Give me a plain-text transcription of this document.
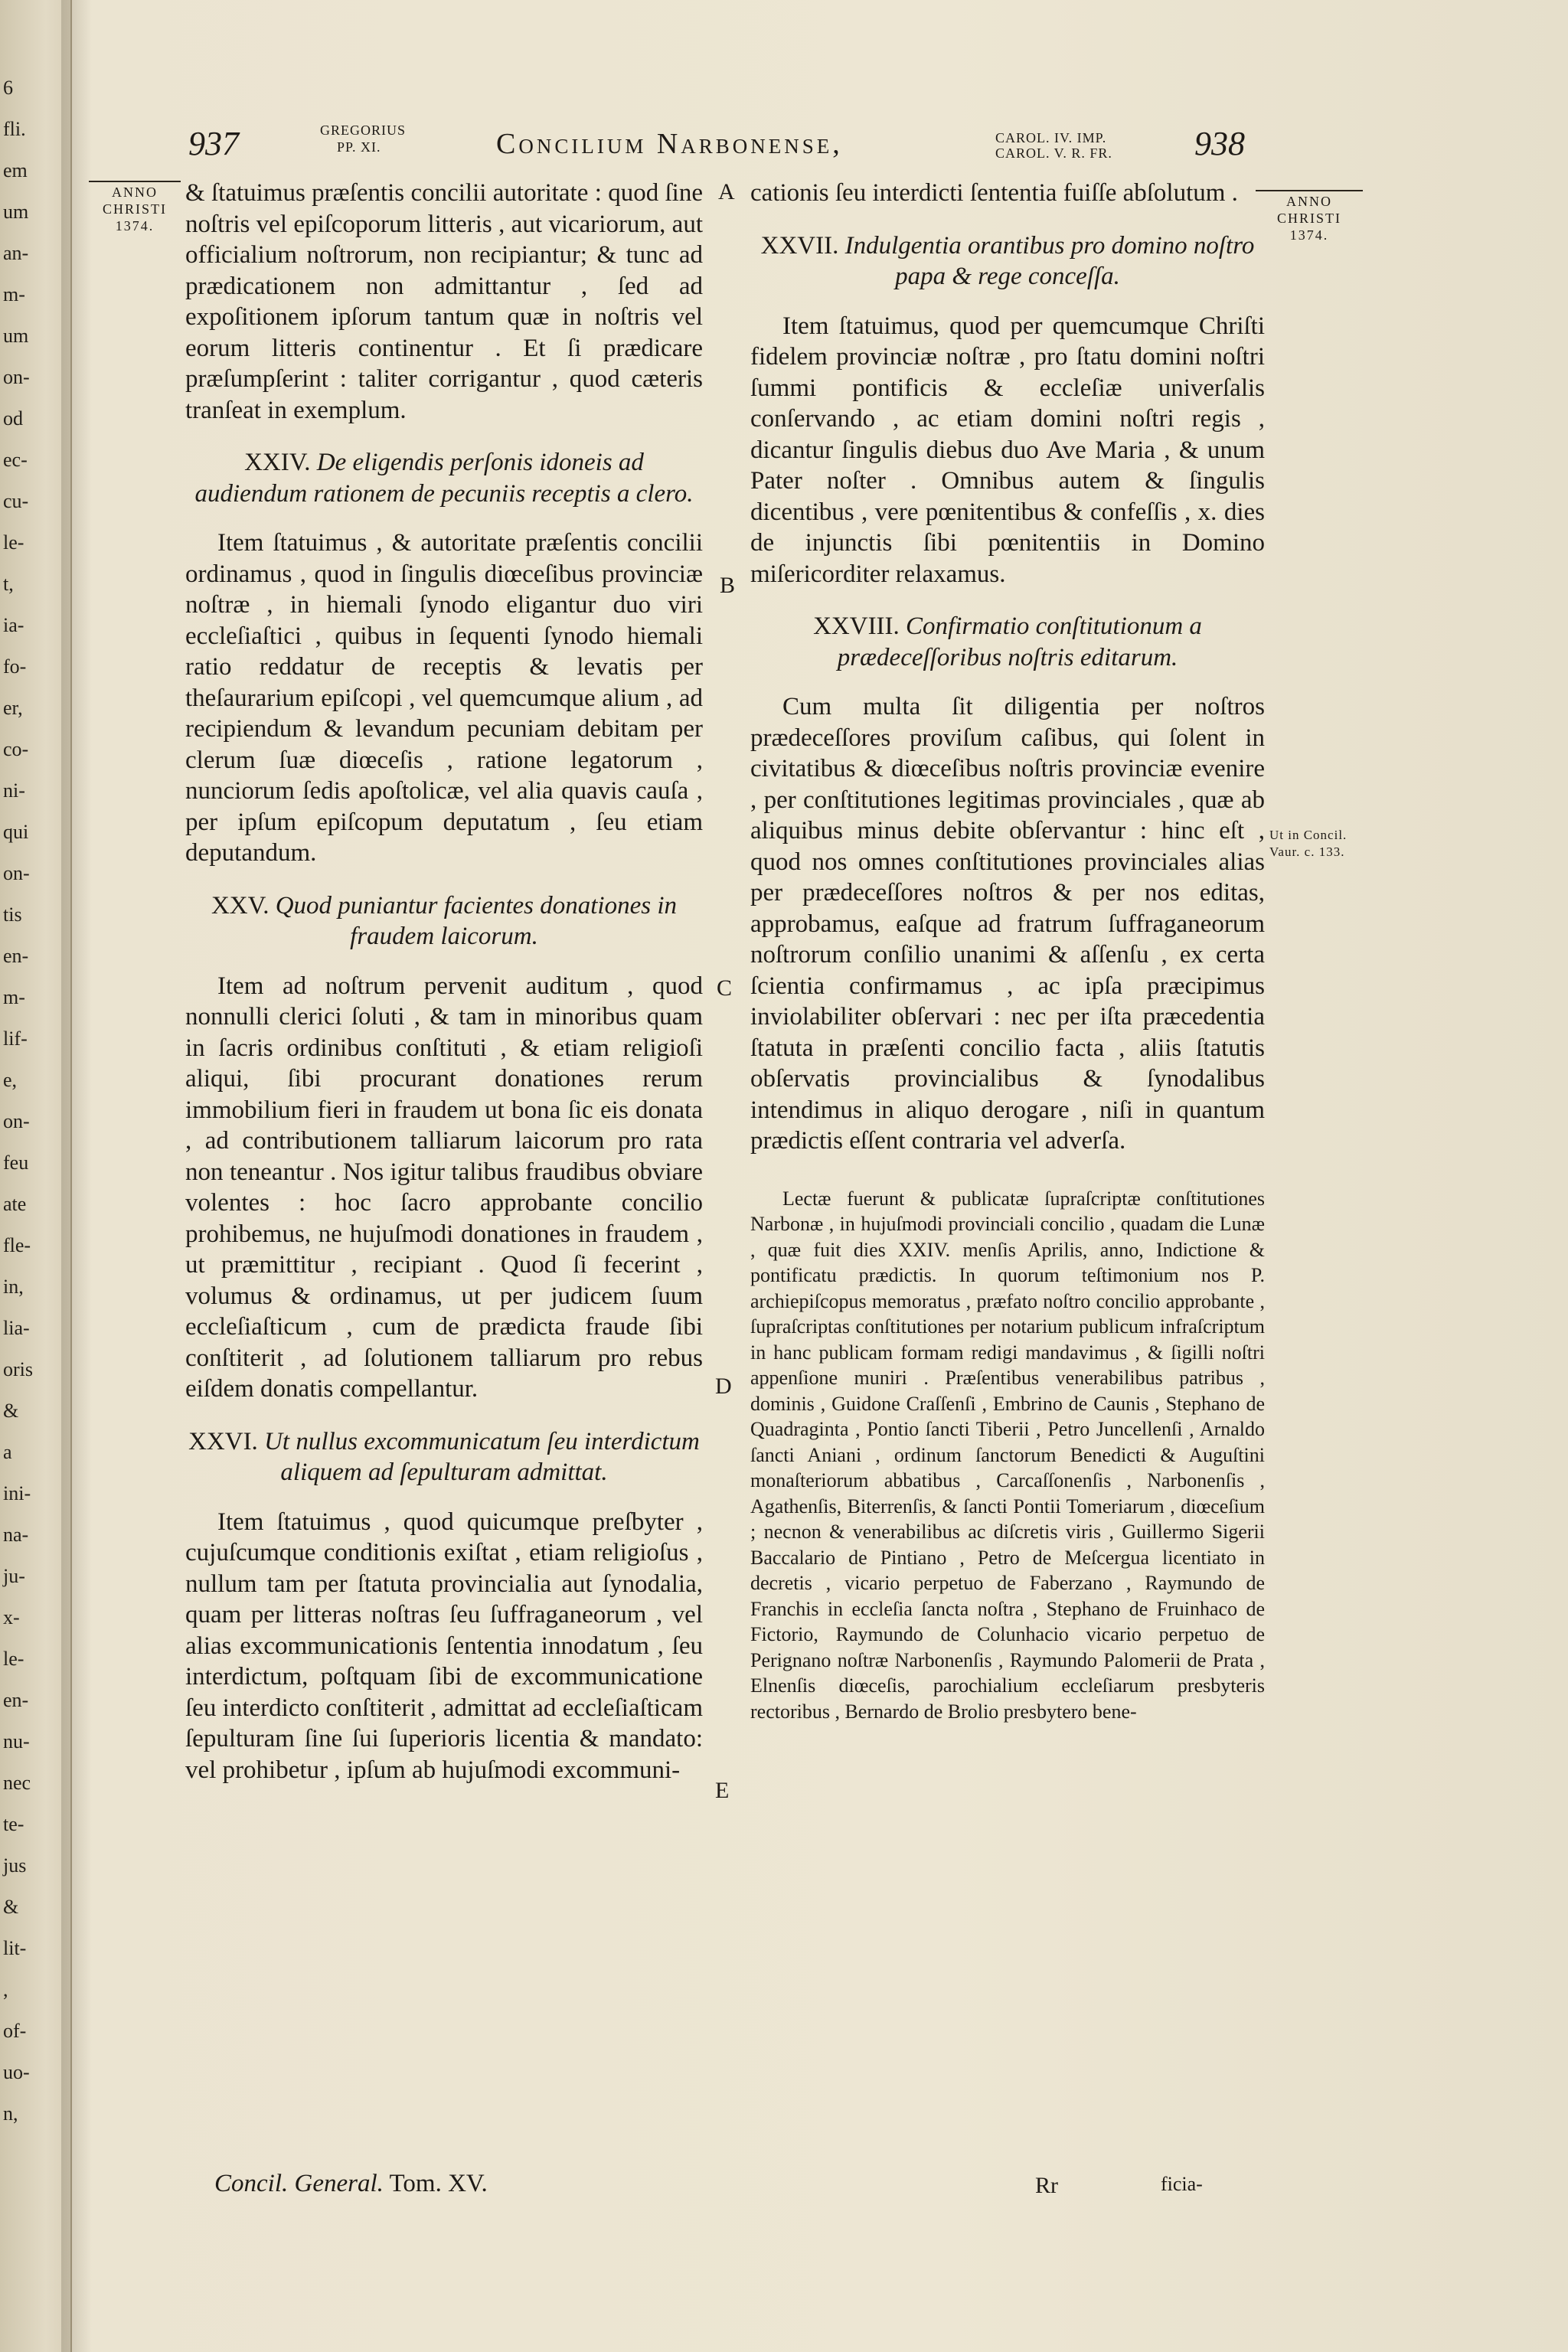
6
fli.
em
um
an-
m-
um
on-
od
ec-
cu-
le-
t,
ia-
fo-
er,
co-
ni-
qui
on-
tis
en-
m-
lif-
e,
on-
feu
ate
fle-
in,
lia-
oris
&
a
ini-
na-
ju-
x-
le-
en-
nu-
nec
te-
jus
&
lit-
,
of-
uo-
n,
937	GREGORIUS
PP. XI.	Concilium Narbonense,	CAROL. IV. IMP.
CAROL. V. R. FR. 938
ANNO
CHRISTI
1374.
ANNO
CHRISTI
1374.
Ut in Concil.
Vaur. c. 133.
A
B
C
D
E

& ſtatuimus præſentis concilii autoritate : quod ſine noſtris vel epiſcoporum litteris , aut vicariorum, aut officialium noſtrorum, non recipiantur; & tunc ad prædicationem non admittantur , ſed ad expoſitionem ipſorum tantum quæ in noſtris vel eorum litteris continentur . Et ſi prædicare præſumpſerint : taliter corrigantur , quod cæteris tranſeat in exemplum.

XXIV. De eligendis perſonis idoneis ad audiendum rationem de pecuniis receptis a clero.

Item ſtatuimus , & autoritate præſentis concilii ordinamus , quod in ſingulis diœceſibus provinciæ noſtræ , in hiemali ſynodo eligantur duo viri eccleſiaſtici , quibus in ſequenti ſynodo hiemali ratio reddatur de receptis & levatis per theſaurarium epiſcopi , vel quemcumque alium , ad recipiendum & levandum pecuniam debitam per clerum ſuæ diœceſis , ratione legatorum , nunciorum ſedis apoſtolicæ, vel alia quavis cauſa , per ipſum epiſcopum deputatum , ſeu etiam deputandum.

XXV. Quod puniantur facientes donationes in fraudem laicorum.

Item ad noſtrum pervenit auditum , quod nonnulli clerici ſoluti , & tam in minoribus quam in ſacris ordinibus conſtituti , & etiam religioſi aliqui, ſibi procurant donationes rerum immobilium fieri in fraudem ut bona ſic eis donata , ad contributionem talliarum laicorum pro rata non teneantur . Nos igitur talibus fraudibus obviare volentes : hoc ſacro approbante concilio prohibemus, ne hujuſmodi donationes in fraudem , ut præmittitur , recipiant . Quod ſi fecerint , volumus & ordinamus, ut per judicem ſuum eccleſiaſticum , cum de prædicta fraude ſibi conſtiterit , ad ſolutionem talliarum pro rebus eiſdem donatis compellantur.

XXVI. Ut nullus excommunicatum ſeu interdictum aliquem ad ſepulturam admittat.

Item ſtatuimus , quod quicumque preſbyter , cujuſcumque conditionis exiſtat , etiam religioſus , nullum tam per ſtatuta provincialia aut ſynodalia, quam per litteras noſtras ſeu ſuffraganeorum , vel alias excommunicationis ſententia innodatum , ſeu interdictum, poſtquam ſibi de excommunicatione ſeu interdicto conſtiterit , admittat ad eccleſiaſticam ſepulturam ſine ſui ſuperioris licentia & mandato: vel prohibetur , ipſum ab hujuſmodi excommuni-

cationis ſeu interdicti ſententia fuiſſe abſolutum .

XXVII. Indulgentia orantibus pro domino noſtro papa & rege conceſſa.

Item ſtatuimus, quod per quemcumque Chriſti fidelem provinciæ noſtræ , pro ſtatu domini noſtri ſummi pontificis & eccleſiæ univerſalis conſervando , ac etiam domini noſtri regis , dicantur ſingulis diebus duo Ave Maria , & unum Pater noſter . Omnibus autem & ſingulis dicentibus , vere pœnitentibus & confeſſis , x. dies de injunctis ſibi pœnitentiis in Domino miſericorditer relaxamus.

XXVIII. Confirmatio conſtitutionum a prædeceſſoribus noſtris editarum.

Cum multa ſit diligentia per noſtros prædeceſſores proviſum caſibus, qui ſolent in civitatibus & diœceſibus noſtris provinciæ evenire , per conſtitutiones legitimas provinciales , quæ ab aliquibus minus debite obſervantur : hinc eſt , quod nos omnes conſtitutiones provinciales alias per prædeceſſores noſtros & per nos editas, approbamus, eaſque ad fratrum ſuffraganeorum noſtrorum conſilio unanimi & aſſenſu , ex certa ſcientia confirmamus , ac ipſa præcipimus inviolabiliter obſervari : nec per iſta præcedentia ſtatuta in præſenti concilio facta , aliis ſtatutis obſervatis provincialibus & ſynodalibus intendimus in aliquo derogare , niſi in quantum prædictis eſſent contraria vel adverſa.

Lectæ fuerunt & publicatæ ſupraſcriptæ conſtitutiones Narbonæ , in hujuſmodi provinciali concilio , quadam die Lunæ , quæ fuit dies XXIV. menſis Aprilis, anno, Indictione & pontificatu prædictis. In quorum teſtimonium nos P. archiepiſcopus memoratus , præfato noſtro concilio approbante , ſupraſcriptas conſtitutiones per notarium publicum infraſcriptum in hanc publicam formam redigi mandavimus , & ſigilli noſtri appenſione muniri . Præſentibus venerabilibus patribus , dominis , Guidone Craſſenſi , Embrino de Caunis , Stephano de Quadraginta , Pontio ſancti Tiberii , Petro Juncellenſi , Arnaldo ſancti Aniani , ordinum ſanctorum Benedicti & Auguſtini monaſteriorum abbatibus , Carcaſſonenſis , Narbonenſis , Agathenſis, Biterrenſis, & ſancti Pontii Tomeriarum , diœceſium ; necnon & venerabilibus ac diſcretis viris , Guillermo Sigerii Baccalario de Pintiano , Petro de Meſcergua licentiato in decretis , vicario perpetuo de Faberzano , Raymundo de Franchis in eccleſia ſancta noſtra , Stephano de Fruinhaco de Fictorio, Raymundo de Colunhacio vicario perpetuo de Perignano noſtræ Narbonenſis , Raymundo Palomerii de Prata , Elnenſis diœceſis, parochialium eccleſiarum presbyteris rectoribus , Bernardo de Brolio presbytero bene-

Concil. General. Tom. XV.	Rr	ficia-
